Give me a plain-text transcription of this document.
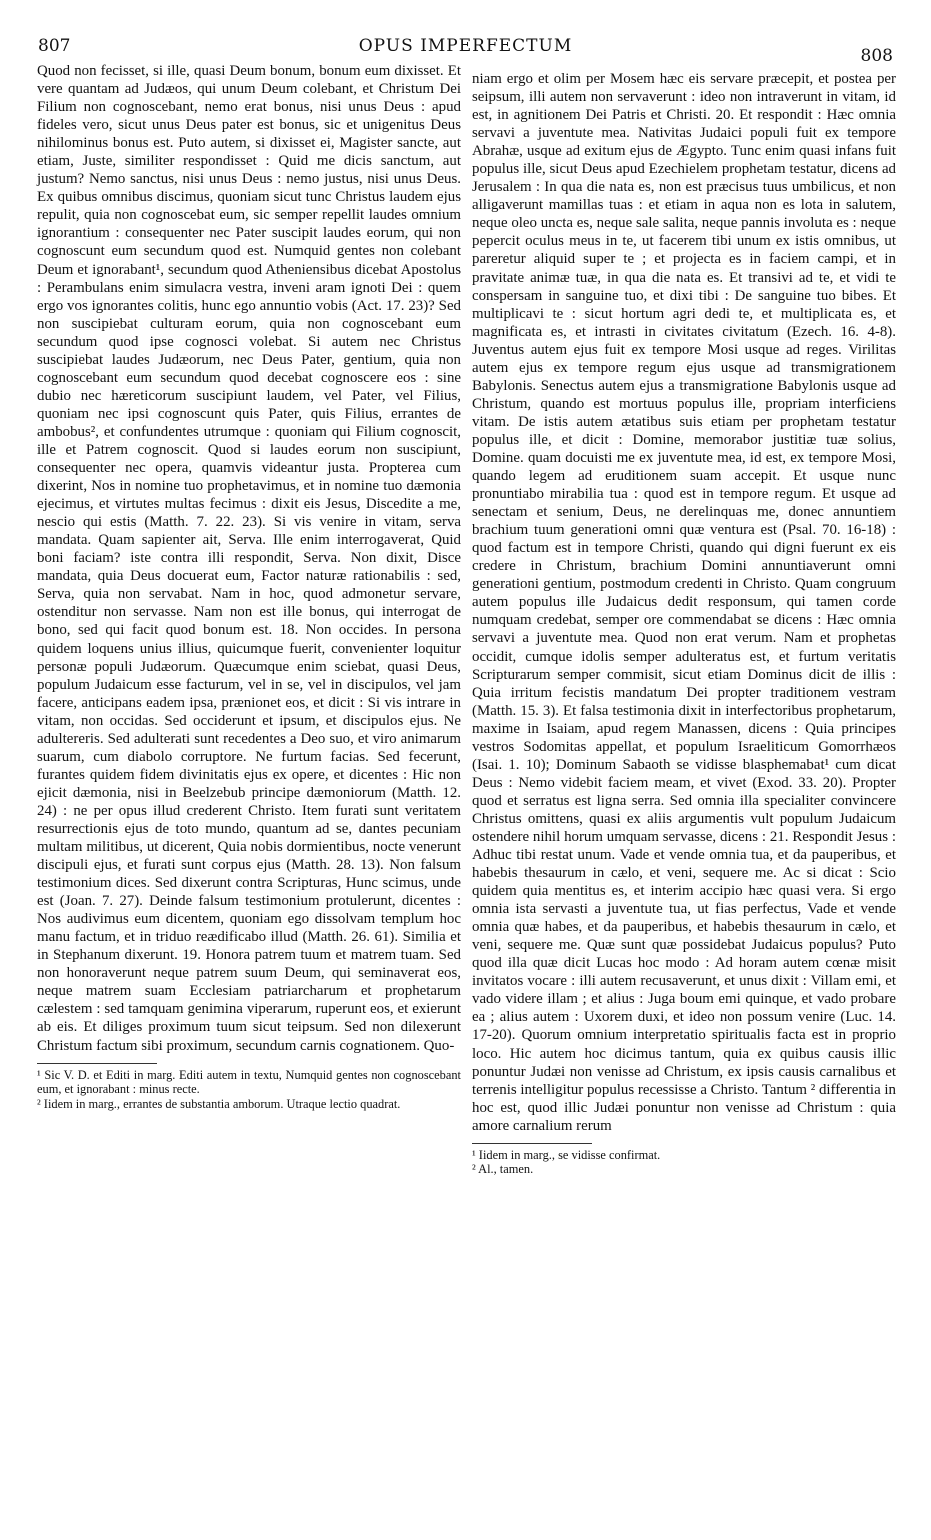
807	OPUS IMPERFECTUM	808

Quod non fecisset, si ille, quasi Deum bonum, bonum eum dixisset. Et vere quantam ad Judæos, qui unum Deum colebant, et Christum Dei Filium non cognoscebant, nemo erat bonus, nisi unus Deus : apud fideles vero, sicut unus Deus pater est bonus, sic et unigenitus Deus nihilominus bonus est. Puto autem, si dixisset ei, Magister sancte, aut etiam, Juste, similiter respondisset : Quid me dicis sanctum, aut justum? Nemo sanctus, nisi unus Deus : nemo justus, nisi unus Deus. Ex quibus omnibus discimus, quoniam sicut tunc Christus laudem ejus repulit, quia non cognoscebat eum, sic semper repellit laudes omnium ignorantium : consequenter nec Pater suscipit laudes eorum, qui non cognoscunt eum secundum quod est. Numquid gentes non colebant Deum et ignorabant¹, secundum quod Atheniensibus dicebat Apostolus : Perambulans enim simulacra vestra, inveni aram ignoti Dei : quem ergo vos ignorantes colitis, hunc ego annuntio vobis (Act. 17. 23)? Sed non suscipiebat culturam eorum, quia non cognoscebant eum secundum quod ipse cognosci volebat. Si autem nec Christus suscipiebat laudes Judæorum, nec Deus Pater, gentium, quia non cognoscebant eum secundum quod decebat cognoscere eos : sine dubio nec hæreticorum suscipiunt laudem, vel Pater, vel Filius, quoniam nec ipsi cognoscunt quis Pater, quis Filius, errantes de ambobus², et confundentes utrumque : quoniam qui Filium cognoscit, ille et Patrem cognoscit. Quod si laudes eorum non suscipiunt, consequenter nec opera, quamvis videantur justa. Propterea cum dixerint, Nos in nomine tuo prophetavimus, et in nomine tuo dæmonia ejecimus, et virtutes multas fecimus : dixit eis Jesus, Discedite a me, nescio qui estis (Matth. 7. 22. 23). Si vis venire in vitam, serva mandata. Quam sapienter ait, Serva. Ille enim interrogaverat, Quid boni faciam? iste contra illi respondit, Serva. Non dixit, Disce mandata, quia Deus docuerat eum, Factor naturæ rationabilis : sed, Serva, quia non servabat. Nam in hoc, quod admonetur servare, ostenditur non servasse. Nam non est ille bonus, qui interrogat de bono, sed qui facit quod bonum est. 18. Non occides. In persona quidem loquens unius illius, quicumque fuerit, convenienter loquitur personæ populi Judæorum. Quæcumque enim sciebat, quasi Deus, populum Judaicum esse facturum, vel in se, vel in discipulos, vel jam facere, anticipans eadem ipsa, prænionet eos, et dicit : Si vis intrare in vitam, non occidas. Sed occiderunt et ipsum, et discipulos ejus. Ne adultereris. Sed adulterati sunt recedentes a Deo suo, et viro animarum suarum, cum diabolo corruptore. Ne furtum facias. Sed fecerunt, furantes quidem fidem divinitatis ejus ex opere, et dicentes : Hic non ejicit dæmonia, nisi in Beelzebub principe dæmoniorum (Matth. 12. 24) : ne per opus illud crederent Christo. Item furati sunt veritatem resurrectionis ejus de toto mundo, quantum ad se, dantes pecuniam multam militibus, ut dicerent, Quia nobis dormientibus, nocte venerunt discipuli ejus, et furati sunt corpus ejus (Matth. 28. 13). Non falsum testimonium dices. Sed dixerunt contra Scripturas, Hunc scimus, unde est (Joan. 7. 27). Deinde falsum testimonium protulerunt, dicentes : Nos audivimus eum dicentem, quoniam ego dissolvam templum hoc manu factum, et in triduo reædificabo illud (Matth. 26. 61). Similia et in Stephanum dixerunt. 19. Honora patrem tuum et matrem tuam. Sed non honoraverunt neque patrem suum Deum, qui seminaverat eos, neque matrem suam Ecclesiam patriarcharum et prophetarum cælestem : sed tamquam genimina viperarum, ruperunt eos, et exierunt ab eis. Et diliges proximum tuum sicut teipsum. Sed non dilexerunt Christum factum sibi proximum, secundum carnis cognationem. Quo-

¹ Sic V. D. et Editi in marg. Editi autem in textu, Numquid gentes non cognoscebant eum, et ignorabant : minus recte.

² Iidem in marg., errantes de substantia amborum. Utraque lectio quadrat.

niam ergo et olim per Mosem hæc eis servare præcepit, et postea per seipsum, illi autem non servaverunt : ideo non intraverunt in vitam, id est, in agnitionem Dei Patris et Christi. 20. Et respondit : Hæc omnia servavi a juventute mea. Nativitas Judaici populi fuit ex tempore Abrahæ, usque ad exitum ejus de Ægypto. Tunc enim quasi infans fuit populus ille, sicut Deus apud Ezechielem prophetam testatur, dicens ad Jerusalem : In qua die nata es, non est præcisus tuus umbilicus, et non alligaverunt mamillas tuas : et etiam in aqua non es lota in salutem, neque oleo uncta es, neque sale salita, neque pannis involuta es : neque pepercit oculus meus in te, ut facerem tibi unum ex istis omnibus, ut pareretur aliquid super te ; et projecta es in faciem campi, et in pravitate animæ tuæ, in qua die nata es. Et transivi ad te, et vidi te conspersam in sanguine tuo, et dixi tibi : De sanguine tuo bibes. Et multiplicavi te : sicut hortum agri dedi te, et multiplicata es, et magnificata es, et intrasti in civitates civitatum (Ezech. 16. 4-8). Juventus autem ejus fuit ex tempore Mosi usque ad reges. Virilitas autem ejus ex tempore regum ejus usque ad transmigrationem Babylonis. Senectus autem ejus a transmigratione Babylonis usque ad Christum, quando est mortuus populus ille, propriam interficiens vitam. De istis autem ætatibus suis etiam per prophetam testatur populus ille, et dicit : Domine, memorabor justitiæ tuæ solius, Domine. quam docuisti me ex juventute mea, id est, ex tempore Mosi, quando legem ad eruditionem suam accepit. Et usque nunc pronuntiabo mirabilia tua : quod est in tempore regum. Et usque ad senectam et senium, Deus, ne derelinquas me, donec annuntiem brachium tuum generationi omni quæ ventura est (Psal. 70. 16-18) : quod factum est in tempore Christi, quando qui digni fuerunt ex eis credere in Christum, brachium Domini annuntiaverunt omni generationi gentium, postmodum credenti in Christo. Quam congruum autem populus ille Judaicus dedit responsum, qui tamen corde numquam credebat, semper ore commendabat se dicens : Hæc omnia servavi a juventute mea. Quod non erat verum. Nam et prophetas occidit, cumque idolis semper adulteratus est, et furtum veritatis Scripturarum semper commisit, sicut etiam Dominus dicit de illis : Quia irritum fecistis mandatum Dei propter traditionem vestram (Matth. 15. 3). Et falsa testimonia dixit in interfectoribus prophetarum, maxime in Isaiam, apud regem Manassen, dicens : Quia principes vestros Sodomitas appellat, et populum Israeliticum Gomorrhæos (Isai. 1. 10); Dominum Sabaoth se vidisse blasphemabat¹ cum dicat Deus : Nemo videbit faciem meam, et vivet (Exod. 33. 20). Propter quod et serratus est ligna serra. Sed omnia illa specialiter convincere Christus omittens, quasi ex aliis argumentis vult populum Judaicum ostendere nihil horum umquam servasse, dicens : 21. Respondit Jesus : Adhuc tibi restat unum. Vade et vende omnia tua, et da pauperibus, et habebis thesaurum in cælo, et veni, sequere me. Ac si dicat : Scio quidem quia mentitus es, et interim accipio hæc quasi vera. Si ergo omnia ista servasti a juventute tua, ut fias perfectus, Vade et vende omnia quæ habes, et da pauperibus, et habebis thesaurum in cælo, et veni, sequere me. Quæ sunt quæ possidebat Judaicus populus? Puto quod illa quæ dicit Lucas hoc modo : Ad horam autem cœnæ misit invitatos vocare : illi autem recusaverunt, et unus dixit : Villam emi, et vado videre illam ; et alius : Juga boum emi quinque, et vado probare ea ; alius autem : Uxorem duxi, et ideo non possum venire (Luc. 14. 17-20). Quorum omnium interpretatio spiritualis facta est in proprio loco. Hic autem hoc dicimus tantum, quia ex quibus causis illic ponuntur Judæi non venisse ad Christum, ex ipsis causis carnalibus et terrenis intelligitur populus recessisse a Christo. Tantum ² differentia in hoc est, quod illic Judæi ponuntur non venisse ad Christum : quia amore carnalium rerum

¹ Iidem in marg., se vidisse confirmat.

² Al., tamen.
